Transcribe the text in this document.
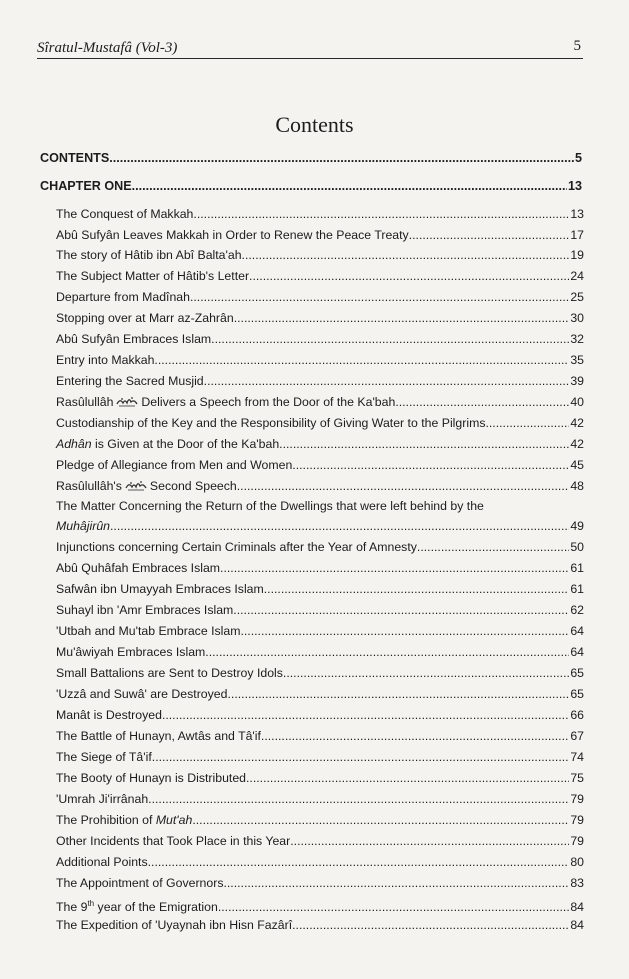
Sîratul-Mustafâ (Vol-3)	5
Contents
CONTENTS .....	5
CHAPTER ONE .....	13
The Conquest of Makkah .....	13
Abû Sufyân Leaves Makkah in Order to Renew the Peace Treaty .....	17
The story of Hâtib ibn Abî Balta'ah .....	19
The Subject Matter of Hâtib's Letter .....	24
Departure from Madînah .....	25
Stopping over at Marr az-Zahrân .....	30
Abû Sufyân Embraces Islam .....	32
Entry into Makkah .....	35
Entering the Sacred Musjid .....	39
Rasûlullâh Delivers a Speech from the Door of the Ka'bah .....	40
Custodianship of the Key and the Responsibility of Giving Water to the Pilgrims .....	42
Adhân is Given at the Door of the Ka'bah .....	42
Pledge of Allegiance from Men and Women .....	45
Rasûlullâh's Second Speech .....	48
The Matter Concerning the Return of the Dwellings that were left behind by the
Muhâjirûn .....	49
Injunctions concerning Certain Criminals after the Year of Amnesty .....	50
Abû Quhâfah Embraces Islam .....	61
Safwân ibn Umayyah Embraces Islam .....	61
Suhayl ibn 'Amr Embraces Islam .....	62
'Utbah and Mu'tab Embrace Islam .....	64
Mu'âwiyah Embraces Islam .....	64
Small Battalions are Sent to Destroy Idols .....	65
'Uzzâ and Suwâ' are Destroyed .....	65
Manât is Destroyed .....	66
The Battle of Hunayn, Awtâs and Tâ'if .....	67
The Siege of Tâ'if .....	74
The Booty of Hunayn is Distributed .....	75
'Umrah Ji'irrânah .....	79
The Prohibition of Mut'ah .....	79
Other Incidents that Took Place in this Year .....	79
Additional Points .....	80
The Appointment of Governors .....	83
The 9th year of the Emigration .....	84
The Expedition of 'Uyaynah ibn Hisn Fazârî .....	84
